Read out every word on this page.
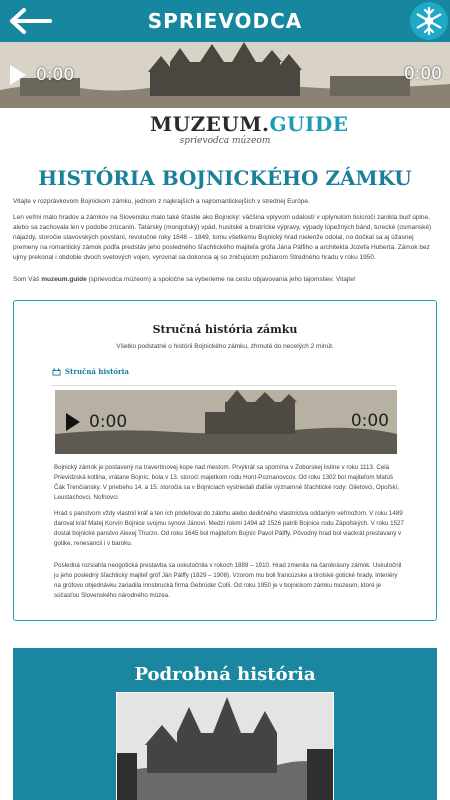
SPRIEVODCA
0:00	0:00
MUZEUM.GUIDE
sprievodca múzeom
HISTÓRIA BOJNICKÉHO ZÁMKU

Vitajte v rozprávkovom Bojnickom zámku, jednom z najkrajších a najromantickejších v strednej Európe.

Len veľmi málo hradov a zámkov na Slovensku malo také šťastie ako Bojnický: väčšina vplyvom udalostí v uplynulom tisícročí zanikla buď úplne, alebo sa zachovala len v podobe zrúcanín. Tatársky (mongolský) vpád, husitské a bratrícke výpravy, výpady lúpežných bánd, turecké (osmanské) nájazdy, storočie stavovských povstaní, revolučné roky 1848 – 1849, tomu všetkému Bojnický hrad nielenže odolal, no dočkal sa aj úžasnej premeny na romantický zámok podľa predstáv jeho posledného šľachtického majiteľa grófa Jána Pálfiho a architekta Jozefa Huberta. Zámok bez ujmy prekonal i obdobie dvoch svetových vojen, vyrovnal sa dokonca aj so zničujúcim požiarom Stredného hradu v roku 1950.

Som Váš muzeum.guide (sprievodca múzeom) a spoločne sa vyberieme na cestu objavovania jeho tajomstiev. Vitajte!

Stručná história zámku
Všetko podstatné o histórii Bojnického zámku, zhrnuté do necelých 2 minút.
Stručná história
0:00	0:00

Bojnický zámok je postavený na travertínovej kope nad mestom. Prvýkrát sa spomína v Zoborskej listine v roku 1113. Celá Prievidzská kotlina, vrátane Bojníc, bola v 13. storočí majetkom rodu Hont-Poznanovcov. Od roku 1302 bol majiteľom Matúš Čák Trenčiansky. V priebehu 14. a 15. storočia sa v Bojniciach vystriedali ďalšie významné šľachtické rody: Giletovci, Opoľskí, Leustachovci, Nofriovci.

Hrad s panstvom vždy vlastnil kráľ a ten ich prideľoval do zálohu alebo dedičného vlastníctva oddaným veľmožom. V roku 1489 daroval kráľ Matej Korvín Bojnice svojmu synovi Jánovi. Medzi rokmi 1494 až 1526 patrili Bojnice rodu Zápoľských. V roku 1527 dostal bojnické panstvo Alexej Thurzo. Od roku 1645 bol majiteľom Bojníc Pavol Pálffy. Pôvodný hrad bol viackrát prestavaný v gotike, renesancii i v baroku.

Posledná rozsiahla neogotická prestavba sa uskutočnila v rokoch 1889 – 1910. Hrad zmenila na čarokrásny zámok. Uskutočnil ju jeho posledný šľachtický majiteľ gróf Ján Pálffy (1829 – 1908). Vzorom mu boli francúzske a tirolské gotické hrady. Interiéry na grófovu objednávku zariadila innsbrucká firma Gebrüder Colli. Od roku 1950 je v bojnickom zámku múzeum, ktoré je súčasťou Slovenského národného múzea.

Podrobná história
